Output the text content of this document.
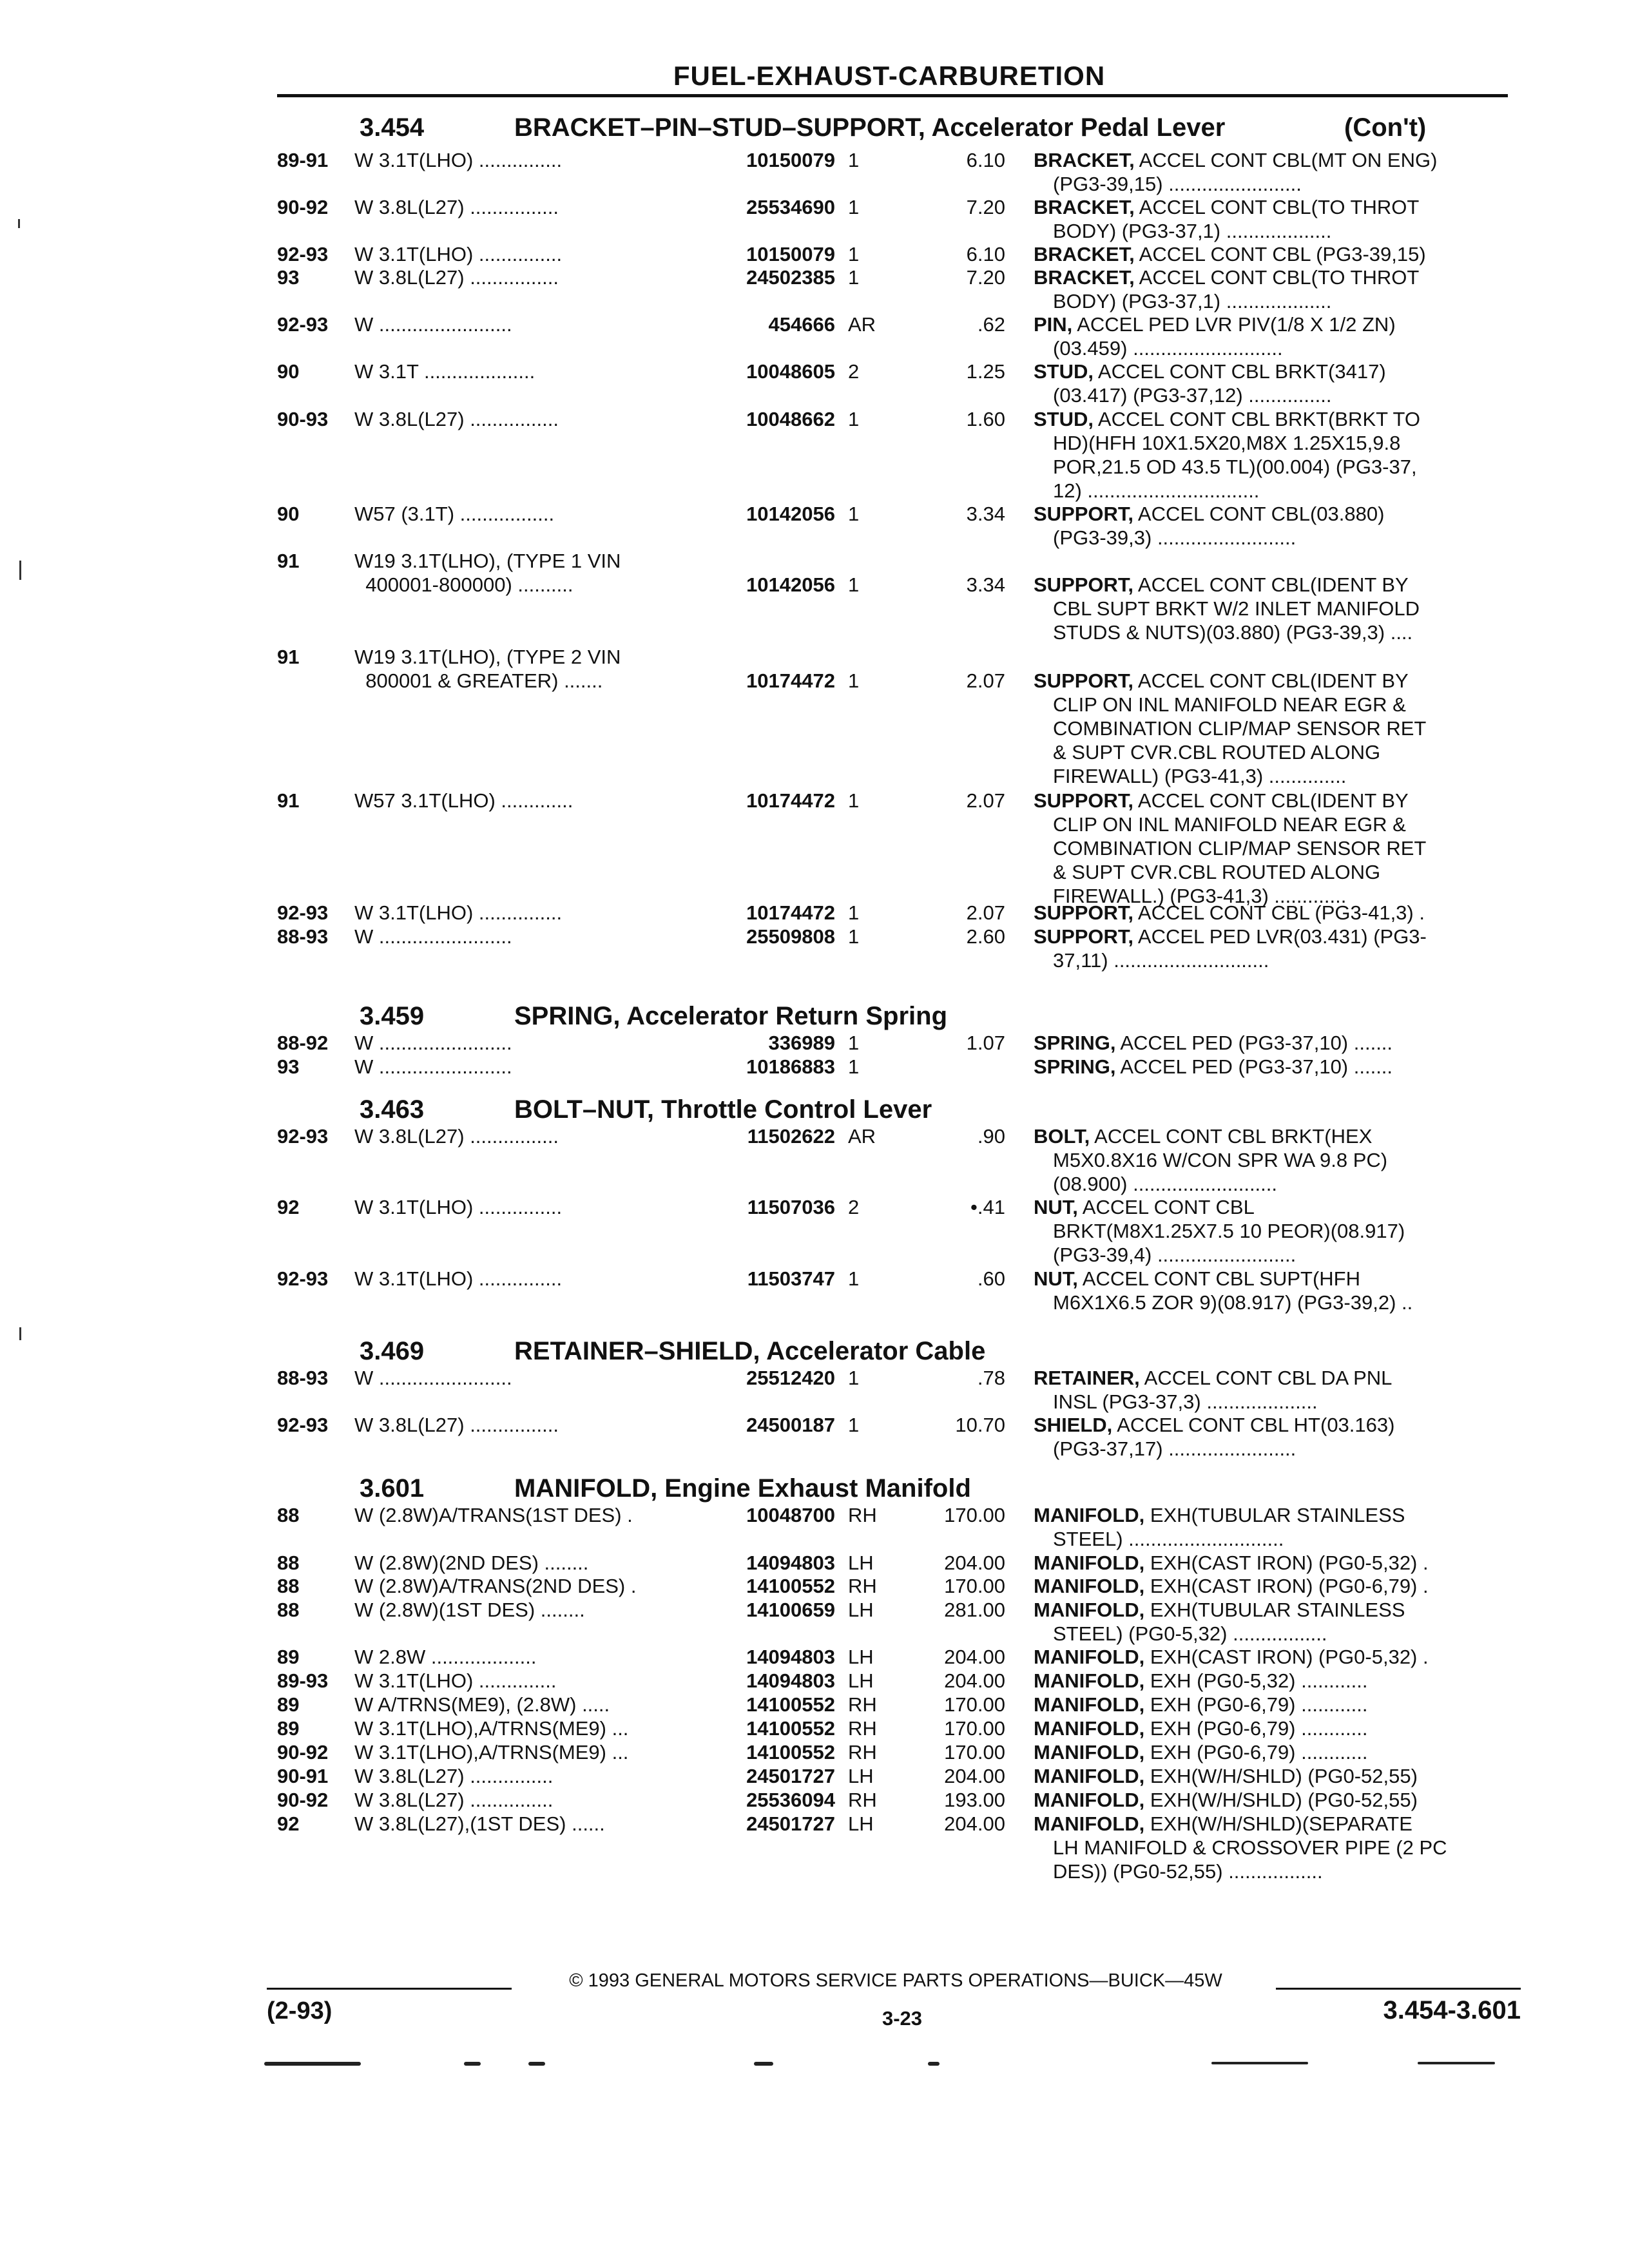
FUEL-EXHAUST-CARBURETION
3.454	BRACKET–PIN–STUD–SUPPORT, Accelerator Pedal Lever	(Con't)
89-91 W 3.1T(LHO) ...............	10150079 1	6.10 BRACKET, ACCEL CONT CBL(MT ON ENG)
(PG3-39,15) ........................
90-92 W 3.8L(L27) ................	25534690 1	7.20 BRACKET, ACCEL CONT CBL(TO THROT
BODY) (PG3-37,1) ...................
92-93 W 3.1T(LHO) ...............	10150079 1	6.10 BRACKET, ACCEL CONT CBL (PG3-39,15)
93	W 3.8L(L27) ................	24502385 1	7.20 BRACKET, ACCEL CONT CBL(TO THROT
BODY) (PG3-37,1) ...................
92-93 W ........................	454666 AR	.62 PIN, ACCEL PED LVR PIV(1/8 X 1/2 ZN)
(03.459) ...........................
90	W 3.1T ....................	10048605 2	1.25 STUD, ACCEL CONT CBL BRKT(3417)
(03.417) (PG3-37,12) ...............
90-93 W 3.8L(L27) ................	10048662 1	1.60 STUD, ACCEL CONT CBL BRKT(BRKT TO
HD)(HFH 10X1.5X20,M8X 1.25X15,9.8
POR,21.5 OD 43.5 TL)(00.004) (PG3-37,
12) ...............................
90	W57 (3.1T) .................	10142056 1	3.34 SUPPORT, ACCEL CONT CBL(03.880)
(PG3-39,3) .........................
91	W19 3.1T(LHO), (TYPE 1 VIN
400001-800000) ..........	10142056 1	3.34 SUPPORT, ACCEL CONT CBL(IDENT BY
CBL SUPT BRKT W/2 INLET MANIFOLD
STUDS & NUTS)(03.880) (PG3-39,3) ....
91	W19 3.1T(LHO), (TYPE 2 VIN
800001 & GREATER) .......	10174472 1	2.07 SUPPORT, ACCEL CONT CBL(IDENT BY
CLIP ON INL MANIFOLD NEAR EGR &
COMBINATION CLIP/MAP SENSOR RET
& SUPT CVR.CBL ROUTED ALONG
FIREWALL) (PG3-41,3) ..............
91	W57 3.1T(LHO) .............	10174472 1	2.07 SUPPORT, ACCEL CONT CBL(IDENT BY
CLIP ON INL MANIFOLD NEAR EGR &
COMBINATION CLIP/MAP SENSOR RET
& SUPT CVR.CBL ROUTED ALONG
FIREWALL.) (PG3-41,3) .............
92-93 W 3.1T(LHO) ...............	10174472 1	2.07 SUPPORT, ACCEL CONT CBL (PG3-41,3) .
88-93 W ........................	25509808 1	2.60 SUPPORT, ACCEL PED LVR(03.431) (PG3-
37,11) ............................
3.459	SPRING, Accelerator Return Spring
88-92 W ........................	336989 1	1.07 SPRING, ACCEL PED (PG3-37,10) .......
93	W ........................	10186883 1	SPRING, ACCEL PED (PG3-37,10) .......
3.463	BOLT–NUT, Throttle Control Lever
92-93 W 3.8L(L27) ................	11502622 AR	.90 BOLT, ACCEL CONT CBL BRKT(HEX
M5X0.8X16 W/CON SPR WA 9.8 PC)
(08.900) ..........................
92	W 3.1T(LHO) ...............	11507036 2	•.41 NUT, ACCEL CONT CBL
BRKT(M8X1.25X7.5 10 PEOR)(08.917)
(PG3-39,4) .........................
92-93 W 3.1T(LHO) ...............	11503747 1	.60 NUT, ACCEL CONT CBL SUPT(HFH
M6X1X6.5 ZOR 9)(08.917) (PG3-39,2) ..
3.469	RETAINER–SHIELD, Accelerator Cable
88-93 W ........................	25512420 1	.78 RETAINER, ACCEL CONT CBL DA PNL
INSL (PG3-37,3) ....................
92-93 W 3.8L(L27) ................	24500187 1	10.70 SHIELD, ACCEL CONT CBL HT(03.163)
(PG3-37,17) .......................
3.601	MANIFOLD, Engine Exhaust Manifold
88	W (2.8W)A/TRANS(1ST DES) .	10048700 RH	170.00 MANIFOLD, EXH(TUBULAR STAINLESS
STEEL) ............................
88	W (2.8W)(2ND DES) ........	14094803 LH	204.00 MANIFOLD, EXH(CAST IRON) (PG0-5,32) .
88	W (2.8W)A/TRANS(2ND DES) .	14100552 RH	170.00 MANIFOLD, EXH(CAST IRON) (PG0-6,79) .
88	W (2.8W)(1ST DES) ........	14100659 LH	281.00 MANIFOLD, EXH(TUBULAR STAINLESS
STEEL) (PG0-5,32) .................
89	W 2.8W ...................	14094803 LH	204.00 MANIFOLD, EXH(CAST IRON) (PG0-5,32) .
89-93 W 3.1T(LHO) ..............	14094803 LH	204.00 MANIFOLD, EXH (PG0-5,32) ............
89	W A/TRNS(ME9), (2.8W) .....	14100552 RH	170.00 MANIFOLD, EXH (PG0-6,79) ............
89	W 3.1T(LHO),A/TRNS(ME9) ...	14100552 RH	170.00 MANIFOLD, EXH (PG0-6,79) ............
90-92 W 3.1T(LHO),A/TRNS(ME9) ...	14100552 RH	170.00 MANIFOLD, EXH (PG0-6,79) ............
90-91 W 3.8L(L27) ...............	24501727 LH	204.00 MANIFOLD, EXH(W/H/SHLD) (PG0-52,55)
90-92 W 3.8L(L27) ...............	25536094 RH	193.00 MANIFOLD, EXH(W/H/SHLD) (PG0-52,55)
92	W 3.8L(L27),(1ST DES) ......	24501727 LH	204.00 MANIFOLD, EXH(W/H/SHLD)(SEPARATE
LH MANIFOLD & CROSSOVER PIPE (2 PC
DES)) (PG0-52,55) .................
© 1993 GENERAL MOTORS SERVICE PARTS OPERATIONS—BUICK—45W
(2-93)	3-23	3.454-3.601
